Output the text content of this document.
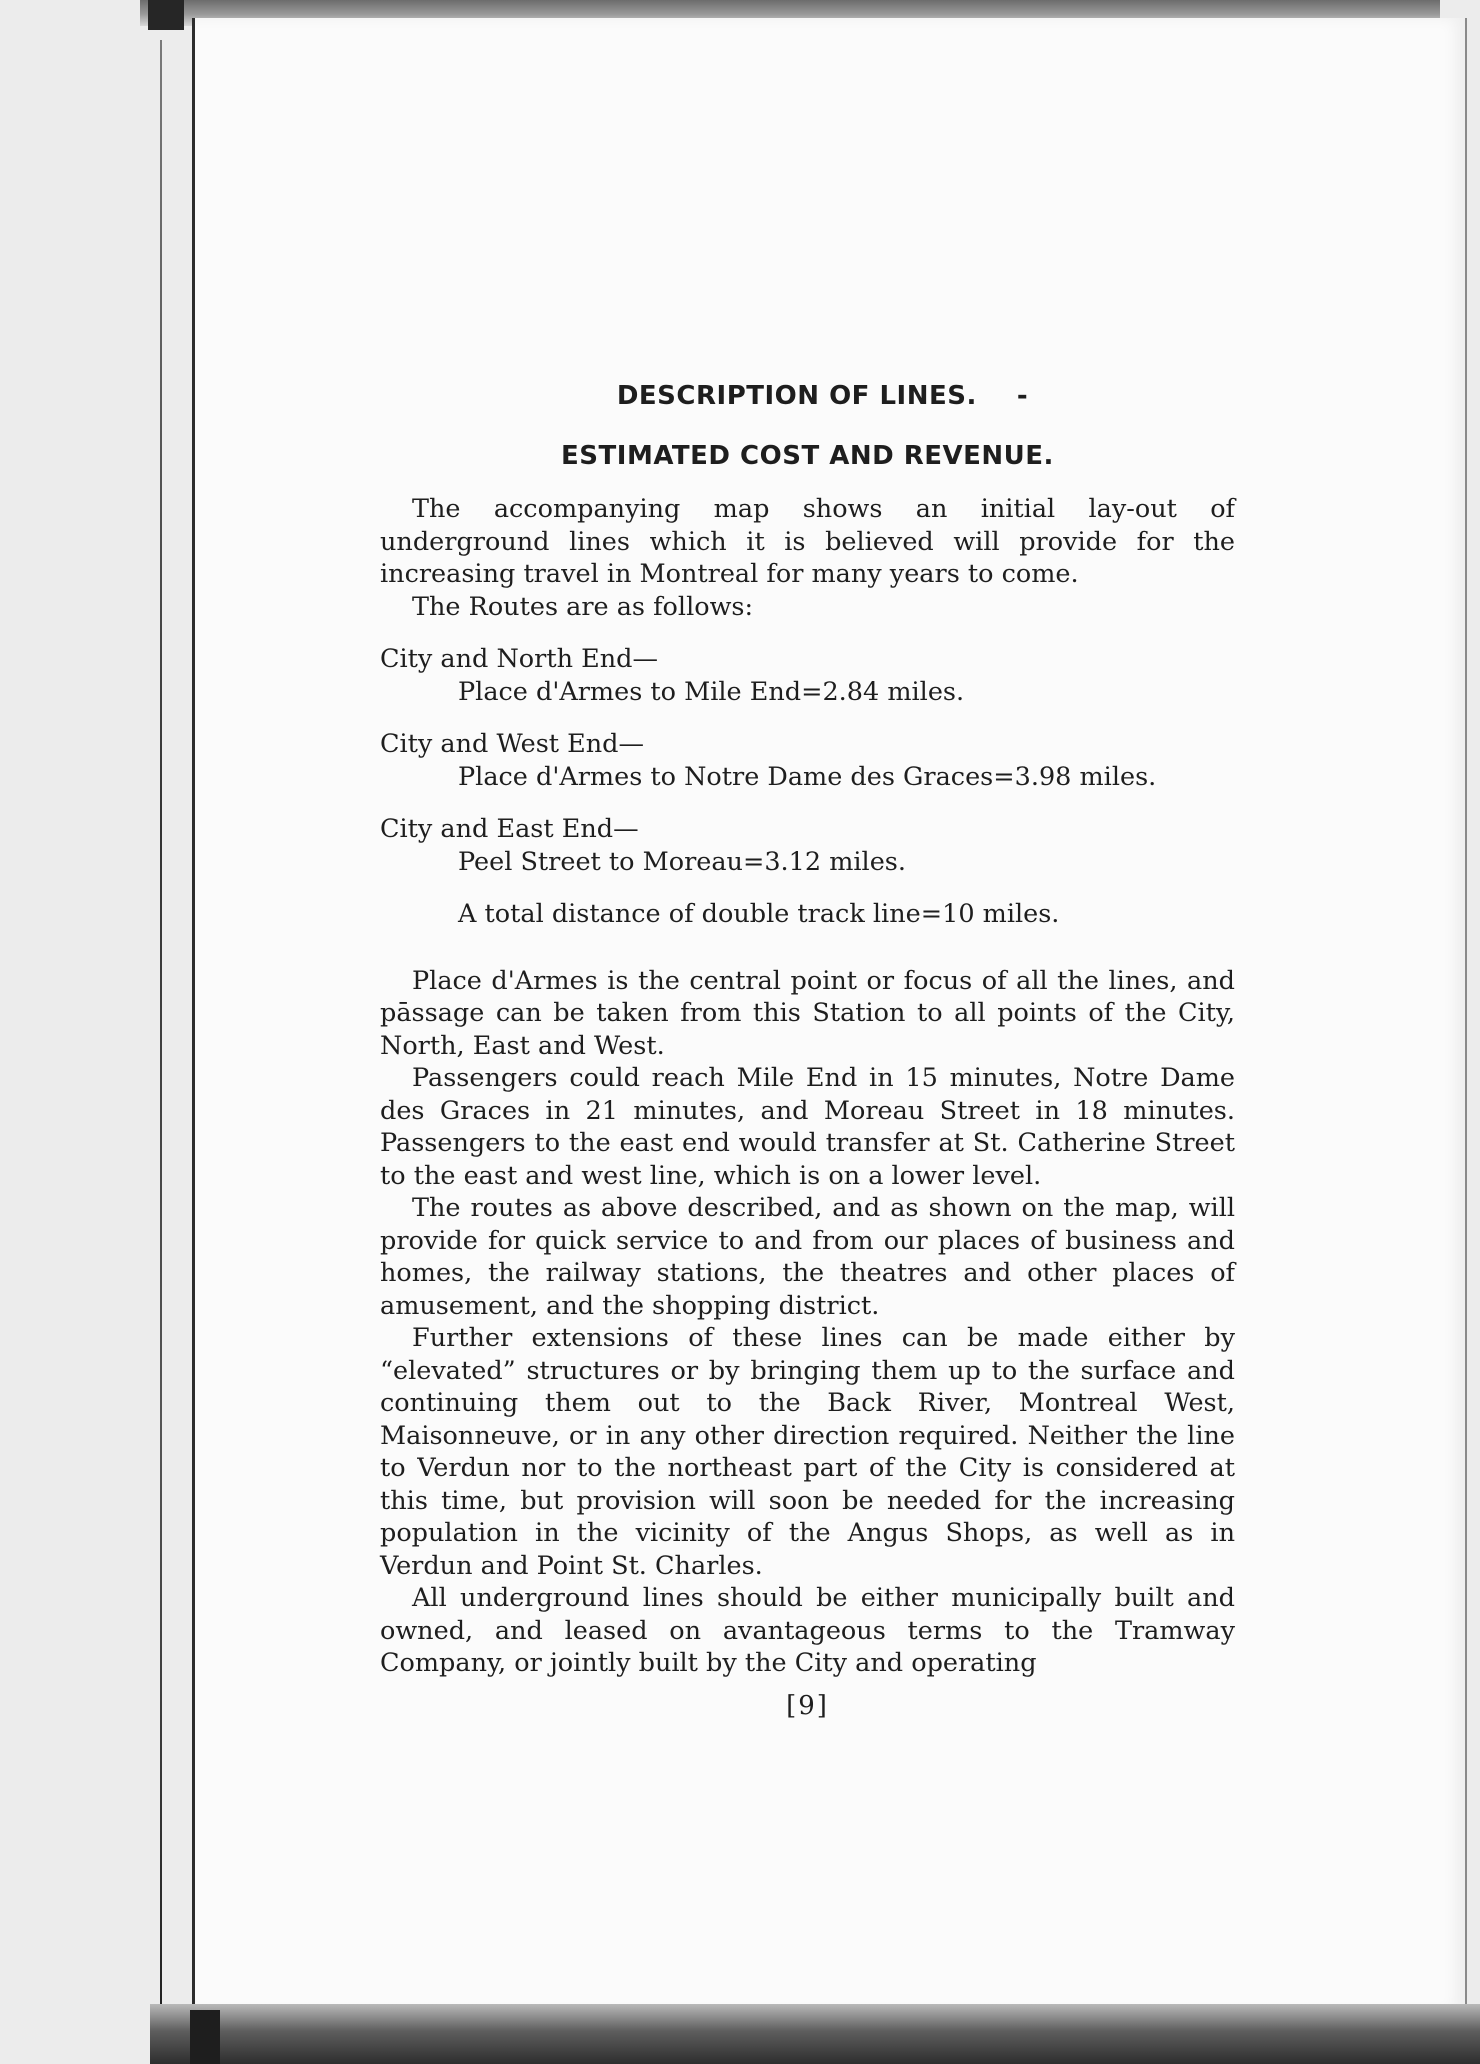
DESCRIPTION OF LINES. -
ESTIMATED COST AND REVENUE.

The accompanying map shows an initial lay-out of underground lines which it is believed will provide for the increasing travel in Montreal for many years to come.

The Routes are as follows:

City and North End—

Place d'Armes to Mile End=2.84 miles.

City and West End—

Place d'Armes to Notre Dame des Graces=3.98 miles.

City and East End—

Peel Street to Moreau=3.12 miles.

A total distance of double track line=10 miles.

Place d'Armes is the central point or focus of all the lines, and pāssage can be taken from this Station to all points of the City, North, East and West.

Passengers could reach Mile End in 15 minutes, Notre Dame des Graces in 21 minutes, and Moreau Street in 18 minutes. Passengers to the east end would transfer at St. Catherine Street to the east and west line, which is on a lower level.

The routes as above described, and as shown on the map, will provide for quick service to and from our places of business and homes, the railway stations, the theatres and other places of amusement, and the shopping district.

Further extensions of these lines can be made either by “elevated” structures or by bringing them up to the surface and continuing them out to the Back River, Montreal West, Maisonneuve, or in any other direction required. Neither the line to Verdun nor to the northeast part of the City is considered at this time, but provision will soon be needed for the increasing population in the vicinity of the Angus Shops, as well as in Verdun and Point St. Charles.

All underground lines should be either municipally built and owned, and leased on avantageous terms to the Tramway Company, or jointly built by the City and operating

[9]
